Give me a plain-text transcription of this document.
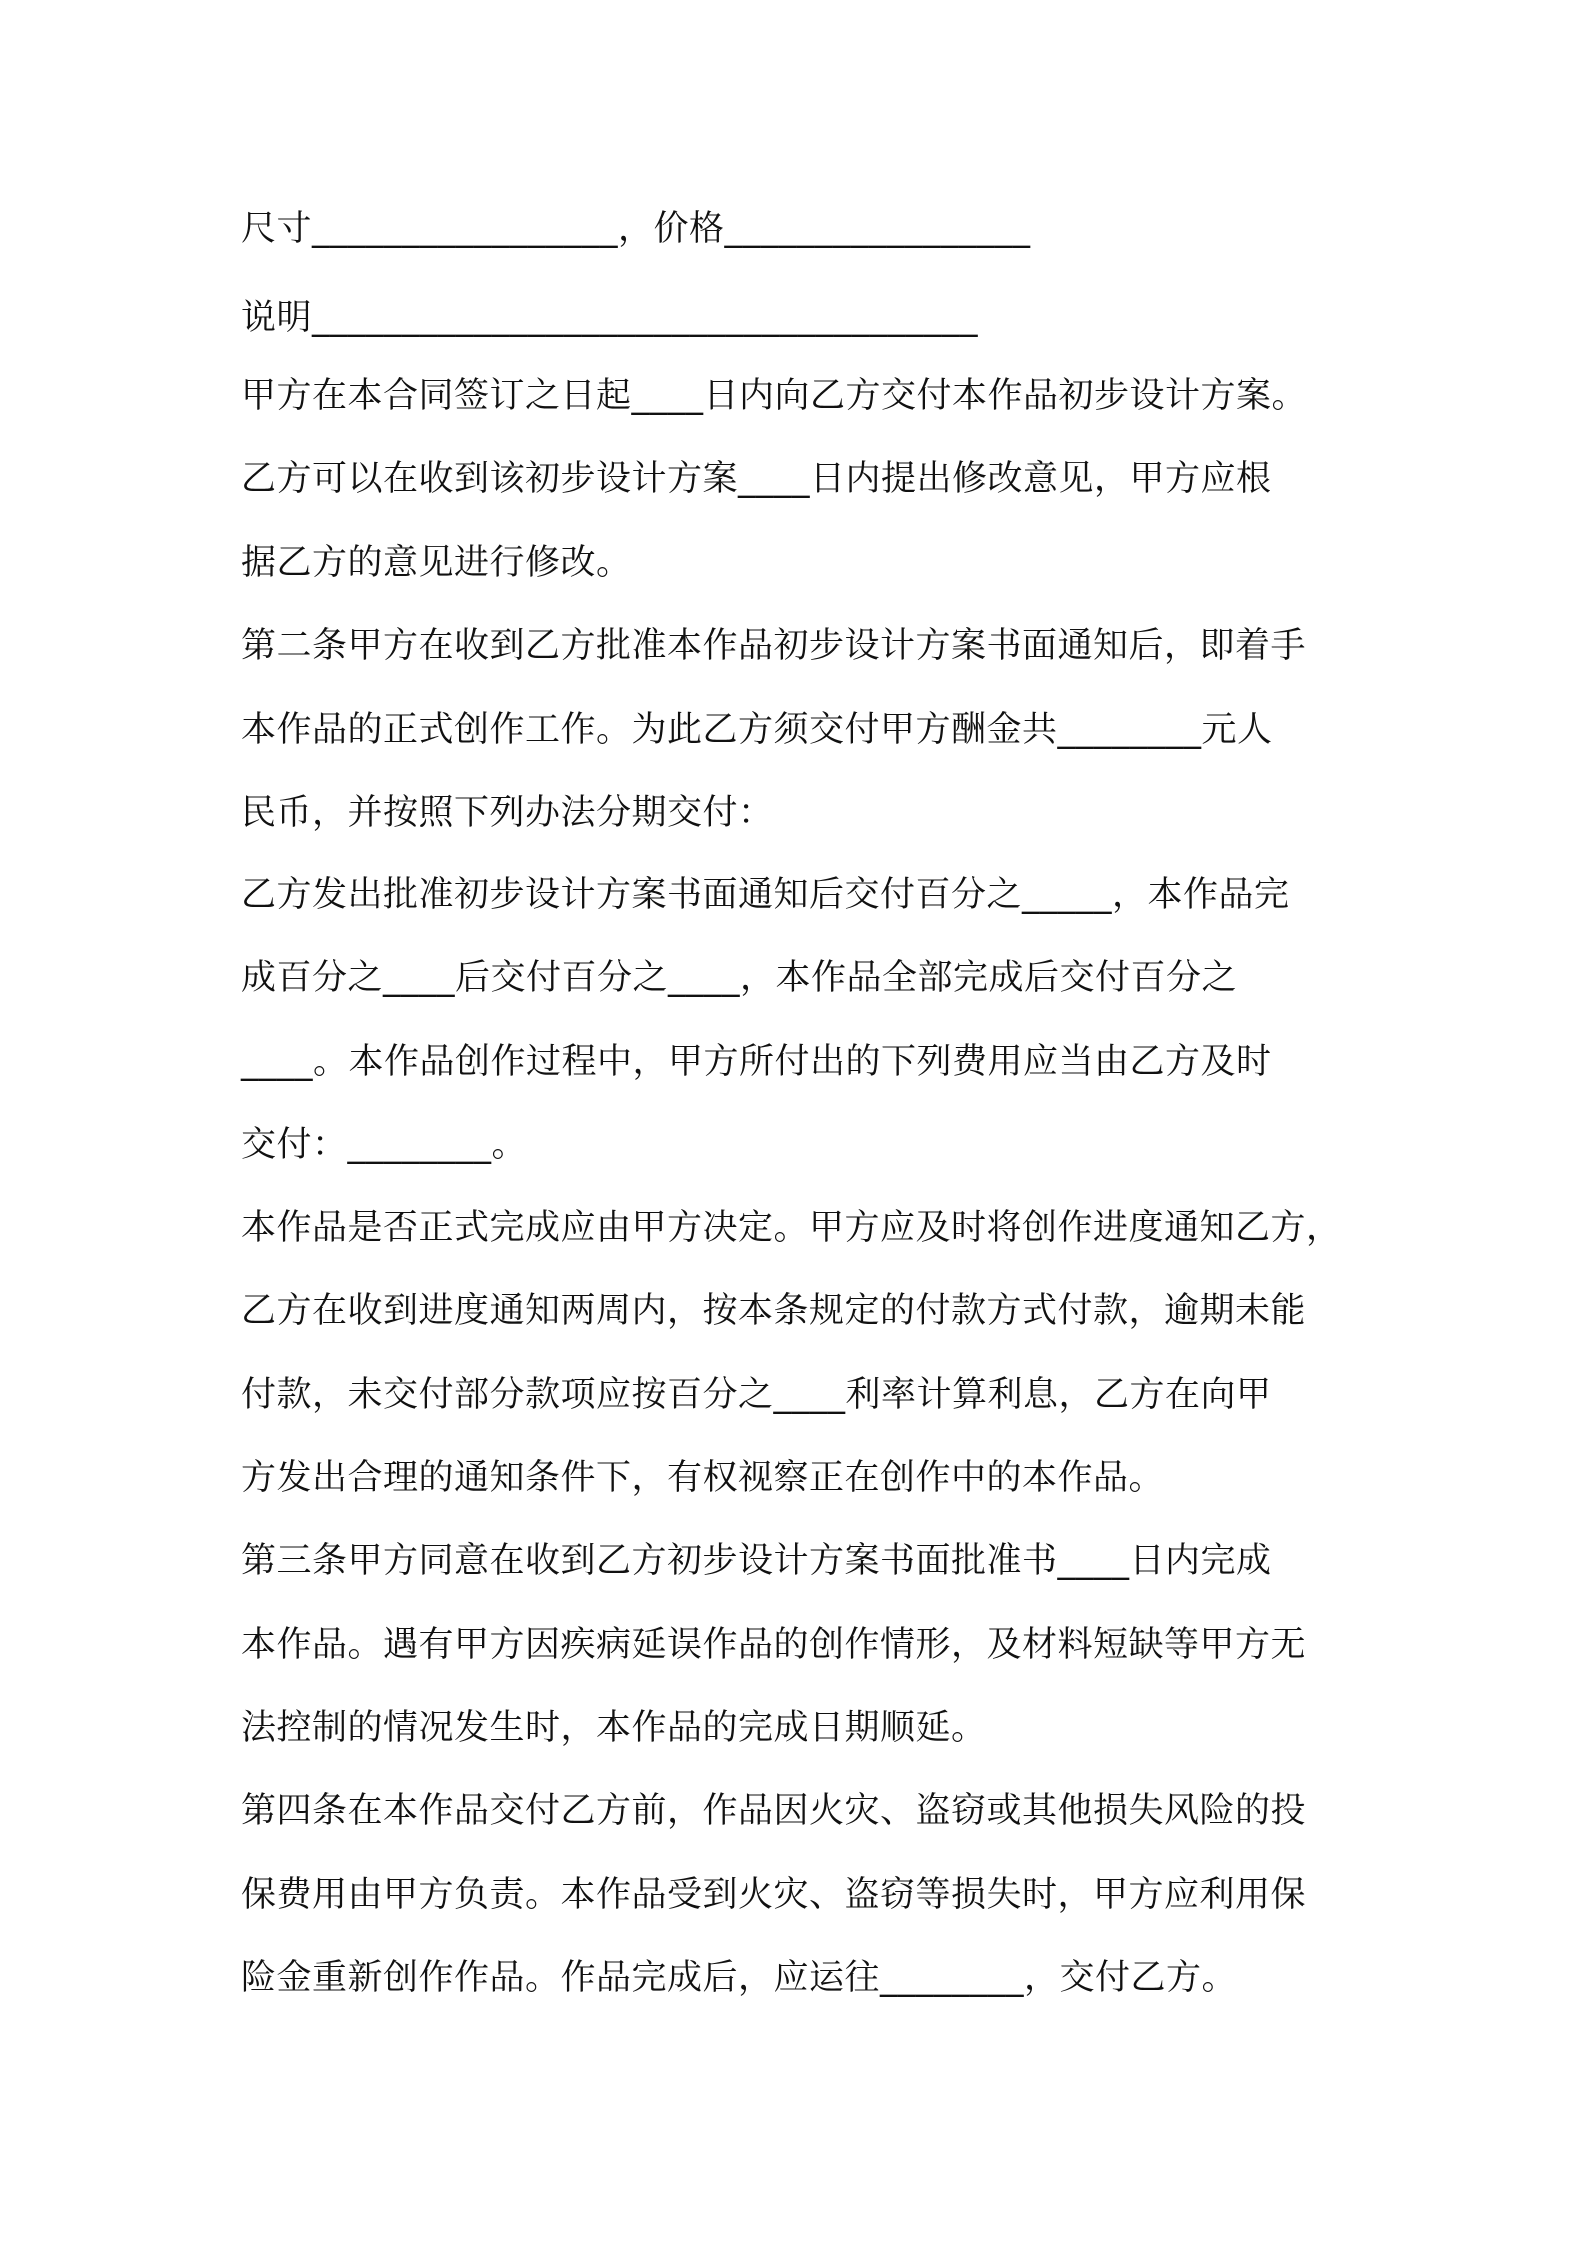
尺寸_________________，价格_________________
说明_____________________________________
甲方在本合同签订之日起____日内向乙方交付本作品初步设计方案。
乙方可以在收到该初步设计方案____日内提出修改意见，甲方应根
据乙方的意见进行修改。
第二条甲方在收到乙方批准本作品初步设计方案书面通知后，即着手
本作品的正式创作工作。为此乙方须交付甲方酬金共________元人
民币，并按照下列办法分期交付：
乙方发出批准初步设计方案书面通知后交付百分之_____，本作品完
成百分之____后交付百分之____，本作品全部完成后交付百分之
____。本作品创作过程中，甲方所付出的下列费用应当由乙方及时
交付：________。
本作品是否正式完成应由甲方决定。甲方应及时将创作进度通知乙方，
乙方在收到进度通知两周内，按本条规定的付款方式付款，逾期未能
付款，未交付部分款项应按百分之____利率计算利息，乙方在向甲
方发出合理的通知条件下，有权视察正在创作中的本作品。
第三条甲方同意在收到乙方初步设计方案书面批准书____日内完成
本作品。遇有甲方因疾病延误作品的创作情形，及材料短缺等甲方无
法控制的情况发生时，本作品的完成日期顺延。
第四条在本作品交付乙方前，作品因火灾、盗窃或其他损失风险的投
保费用由甲方负责。本作品受到火灾、盗窃等损失时，甲方应利用保
险金重新创作作品。作品完成后，应运往________，交付乙方。
